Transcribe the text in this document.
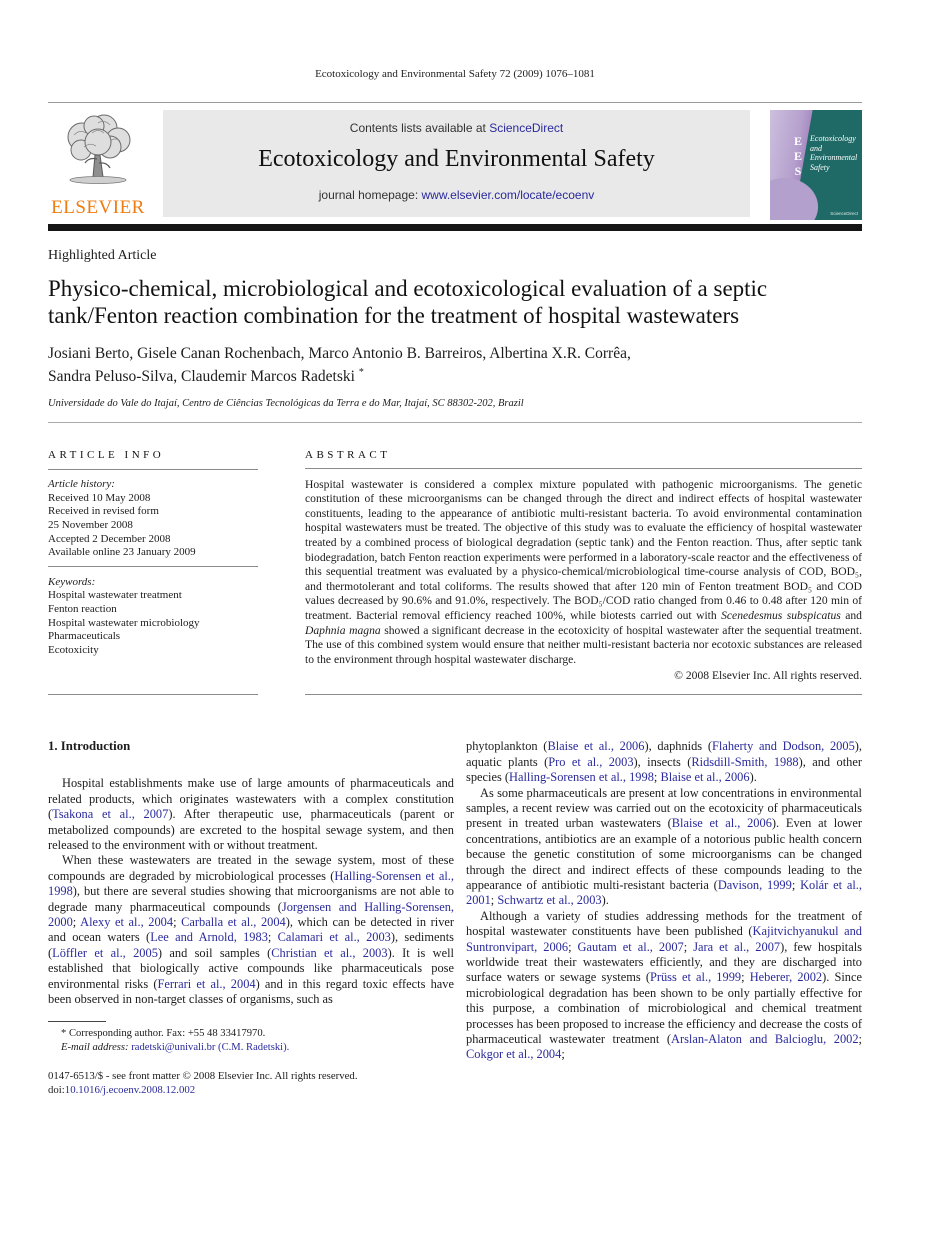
Ecotoxicology and Environmental Safety 72 (2009) 1076–1081
ELSEVIER
Contents lists available at ScienceDirect
Ecotoxicology and Environmental Safety
journal homepage: www.elsevier.com/locate/ecoenv
E
E
S
Ecotoxicology
and
Environmental
Safety
ScienceDirect
Highlighted Article
Physico-chemical, microbiological and ecotoxicological evaluation of a septic
tank/Fenton reaction combination for the treatment of hospital wastewaters
Josiani Berto, Gisele Canan Rochenbach, Marco Antonio B. Barreiros, Albertina X.R. Corrêa,
Sandra Peluso-Silva, Claudemir Marcos Radetski *
Universidade do Vale do Itajaí, Centro de Ciências Tecnológicas da Terra e do Mar, Itajaí, SC 88302-202, Brazil
ARTICLE INFO
Article history:
Received 10 May 2008
Received in revised form
25 November 2008
Accepted 2 December 2008
Available online 23 January 2009
Keywords:
Hospital wastewater treatment
Fenton reaction
Hospital wastewater microbiology
Pharmaceuticals
Ecotoxicity
ABSTRACT
Hospital wastewater is considered a complex mixture populated with pathogenic microorganisms. The genetic constitution of these microorganisms can be changed through the direct and indirect effects of hospital wastewater constituents, leading to the appearance of antibiotic multi-resistant bacteria. To avoid environmental contamination hospital wastewaters must be treated. The objective of this study was to evaluate the efficiency of hospital wastewater treated by a combined process of biological degradation (septic tank) and the Fenton reaction. Thus, after septic tank biodegradation, batch Fenton reaction experiments were performed in a laboratory-scale reactor and the effectiveness of this sequential treatment was evaluated by a physico-chemical/microbiological time-course analysis of COD, BOD₅, and thermotolerant and total coliforms. The results showed that after 120 min of Fenton treatment BOD₅ and COD values decreased by 90.6% and 91.0%, respectively. The BOD₅/COD ratio changed from 0.46 to 0.48 after 120 min of treatment. Bacterial removal efficiency reached 100%, while biotests carried out with Scenedesmus subspicatus and Daphnia magna showed a significant decrease in the ecotoxicity of hospital wastewater after the sequential treatment. The use of this combined system would ensure that neither multi-resistant bacteria nor ecotoxic substances are released to the environment through hospital wastewater discharge.
© 2008 Elsevier Inc. All rights reserved.
1. Introduction

Hospital establishments make use of large amounts of pharmaceuticals and related products, which originates wastewaters with a complex constitution (Tsakona et al., 2007). After therapeutic use, pharmaceuticals (parent or metabolized compounds) are excreted to the hospital sewage system, and then released to the environment with or without treatment.

When these wastewaters are treated in the sewage system, most of these compounds are degraded by microbiological processes (Halling-Sorensen et al., 1998), but there are several studies showing that microorganisms are not able to degrade many pharmaceutical compounds (Jorgensen and Halling-Sorensen, 2000; Alexy et al., 2004; Carballa et al., 2004), which can be detected in river and ocean waters (Lee and Arnold, 1983; Calamari et al., 2003), sediments (Löffler et al., 2005) and soil samples (Christian et al., 2003). It is well established that biologically active compounds like pharmaceuticals pose environmental risks (Ferrari et al., 2004) and in this regard toxic effects have been observed in non-target classes of organisms, such as

* Corresponding author. Fax: +55 48 33417970.
E-mail address: radetski@univali.br (C.M. Radetski).
0147-6513/$ - see front matter © 2008 Elsevier Inc. All rights reserved.
doi:10.1016/j.ecoenv.2008.12.002

phytoplankton (Blaise et al., 2006), daphnids (Flaherty and Dodson, 2005), aquatic plants (Pro et al., 2003), insects (Ridsdill-Smith, 1988), and other species (Halling-Sorensen et al., 1998; Blaise et al., 2006).

As some pharmaceuticals are present at low concentrations in environmental samples, a recent review was carried out on the ecotoxicity of pharmaceuticals present in treated urban wastewaters (Blaise et al., 2006). Even at lower concentrations, antibiotics are an example of a notorious public health concern because the genetic constitution of some microorganisms can be changed through the direct and indirect effects of these compounds leading to the appearance of antibiotic multi-resistant bacteria (Davison, 1999; Kolár et al., 2001; Schwartz et al., 2003).

Although a variety of studies addressing methods for the treatment of hospital wastewater constituents have been published (Kajitvichyanukul and Suntronvipart, 2006; Gautam et al., 2007; Jara et al., 2007), few hospitals worldwide treat their wastewaters efficiently, and they are discharged into surface waters or sewage systems (Prüss et al., 1999; Heberer, 2002). Since microbiological degradation has been shown to be only partially effective for this purpose, a combination of microbiological and chemical treatment processes has been proposed to increase the efficiency and decrease the costs of pharmaceutical wastewater treatment (Arslan-Alaton and Balcioglu, 2002; Cokgor et al., 2004;
